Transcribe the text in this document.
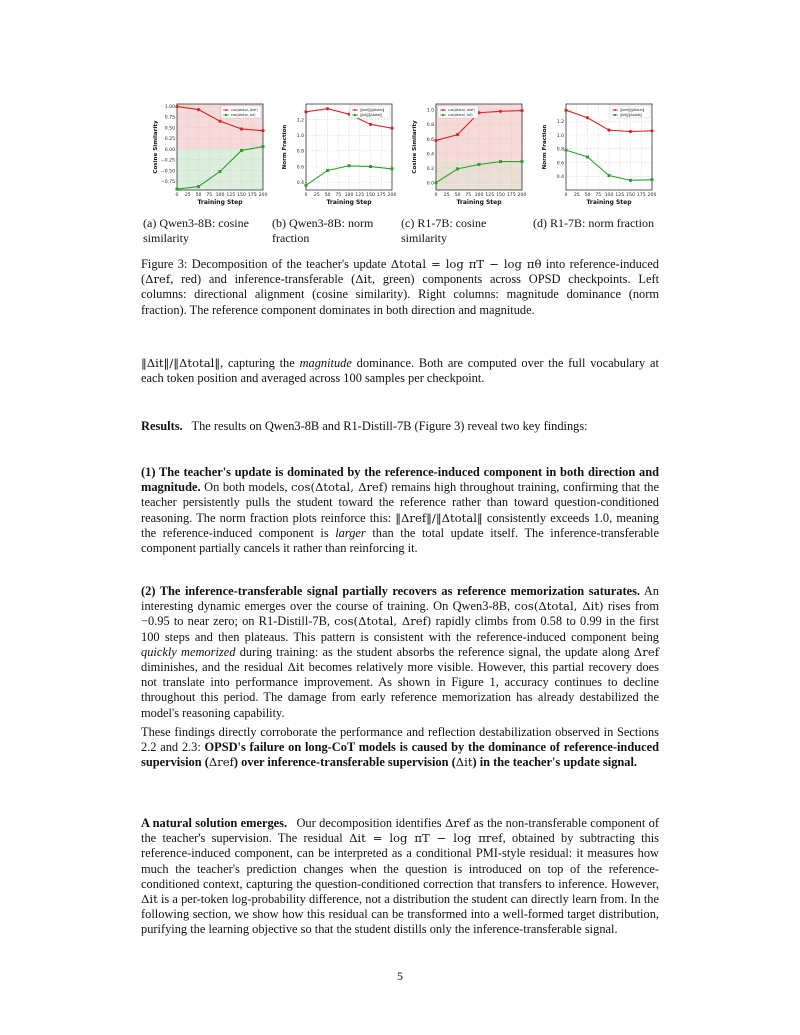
−0.75
−0.50
−0.25
0.00
0.25
0.50
0.75
1.00
0 25 50 75 100 125 150 175 200
Training Step
Cosine Similarity
cos(Δtotal, Δref)
cos(Δtotal, Δit)
0.4
0.6
0.8
1.0
1.2
0 25 50 75 100 125 150 175 200
Training Step
Norm Fraction
‖Δref‖/‖Δtotal‖
‖Δit‖/‖Δtotal‖
0.0
0.2
0.4
0.6
0.8
1.0
0 25 50 75 100 125 150 175 200
Training Step
Cosine Similarity
cos(Δtotal, Δref)
cos(Δtotal, Δit)
0.4
0.6
0.8
1.0
1.2
0 25 50 75 100 125 150 175 200
Training Step
Norm Fraction
‖Δref‖/‖Δtotal‖
‖Δit‖/‖Δtotal‖
(a) Qwen3-8B: cosine similarity
(b) Qwen3-8B: norm fraction
(c) R1-7B: cosine similarity
(d) R1-7B: norm fraction
Figure 3: Decomposition of the teacher's update Δtotal = log πT − log πθ into reference-induced (Δref, red) and inference-transferable (Δit, green) components across OPSD checkpoints. Left columns: directional alignment (cosine similarity). Right columns: magnitude dominance (norm fraction). The reference component dominates in both direction and magnitude.
‖Δit‖/‖Δtotal‖, capturing the magnitude dominance. Both are computed over the full vocabulary at each token position and averaged across 100 samples per checkpoint.
Results. The results on Qwen3-8B and R1-Distill-7B (Figure 3) reveal two key findings:
(1) The teacher's update is dominated by the reference-induced component in both direction and magnitude. On both models, cos(Δtotal, Δref) remains high throughout training, confirming that the teacher persistently pulls the student toward the reference rather than toward question-conditioned reasoning. The norm fraction plots reinforce this: ‖Δref‖/‖Δtotal‖ consistently exceeds 1.0, meaning the reference-induced component is larger than the total update itself. The inference-transferable component partially cancels it rather than reinforcing it.
(2) The inference-transferable signal partially recovers as reference memorization saturates. An interesting dynamic emerges over the course of training. On Qwen3-8B, cos(Δtotal, Δit) rises from −0.95 to near zero; on R1-Distill-7B, cos(Δtotal, Δref) rapidly climbs from 0.58 to 0.99 in the first 100 steps and then plateaus. This pattern is consistent with the reference-induced component being quickly memorized during training: as the student absorbs the reference signal, the update along Δref diminishes, and the residual Δit becomes relatively more visible. However, this partial recovery does not translate into performance improvement. As shown in Figure 1, accuracy continues to decline throughout this period. The damage from early reference memorization has already destabilized the model's reasoning capability.
These findings directly corroborate the performance and reflection destabilization observed in Sections 2.2 and 2.3: OPSD's failure on long-CoT models is caused by the dominance of reference-induced supervision (Δref) over inference-transferable supervision (Δit) in the teacher's update signal.
A natural solution emerges. Our decomposition identifies Δref as the non-transferable component of the teacher's supervision. The residual Δit = log πT − log πref, obtained by subtracting this reference-induced component, can be interpreted as a conditional PMI-style residual: it measures how much the teacher's prediction changes when the question is introduced on top of the reference-conditioned context, capturing the question-conditioned correction that transfers to inference. However, Δit is a per-token log-probability difference, not a distribution the student can directly learn from. In the following section, we show how this residual can be transformed into a well-formed target distribution, purifying the learning objective so that the student distills only the inference-transferable signal.
5
